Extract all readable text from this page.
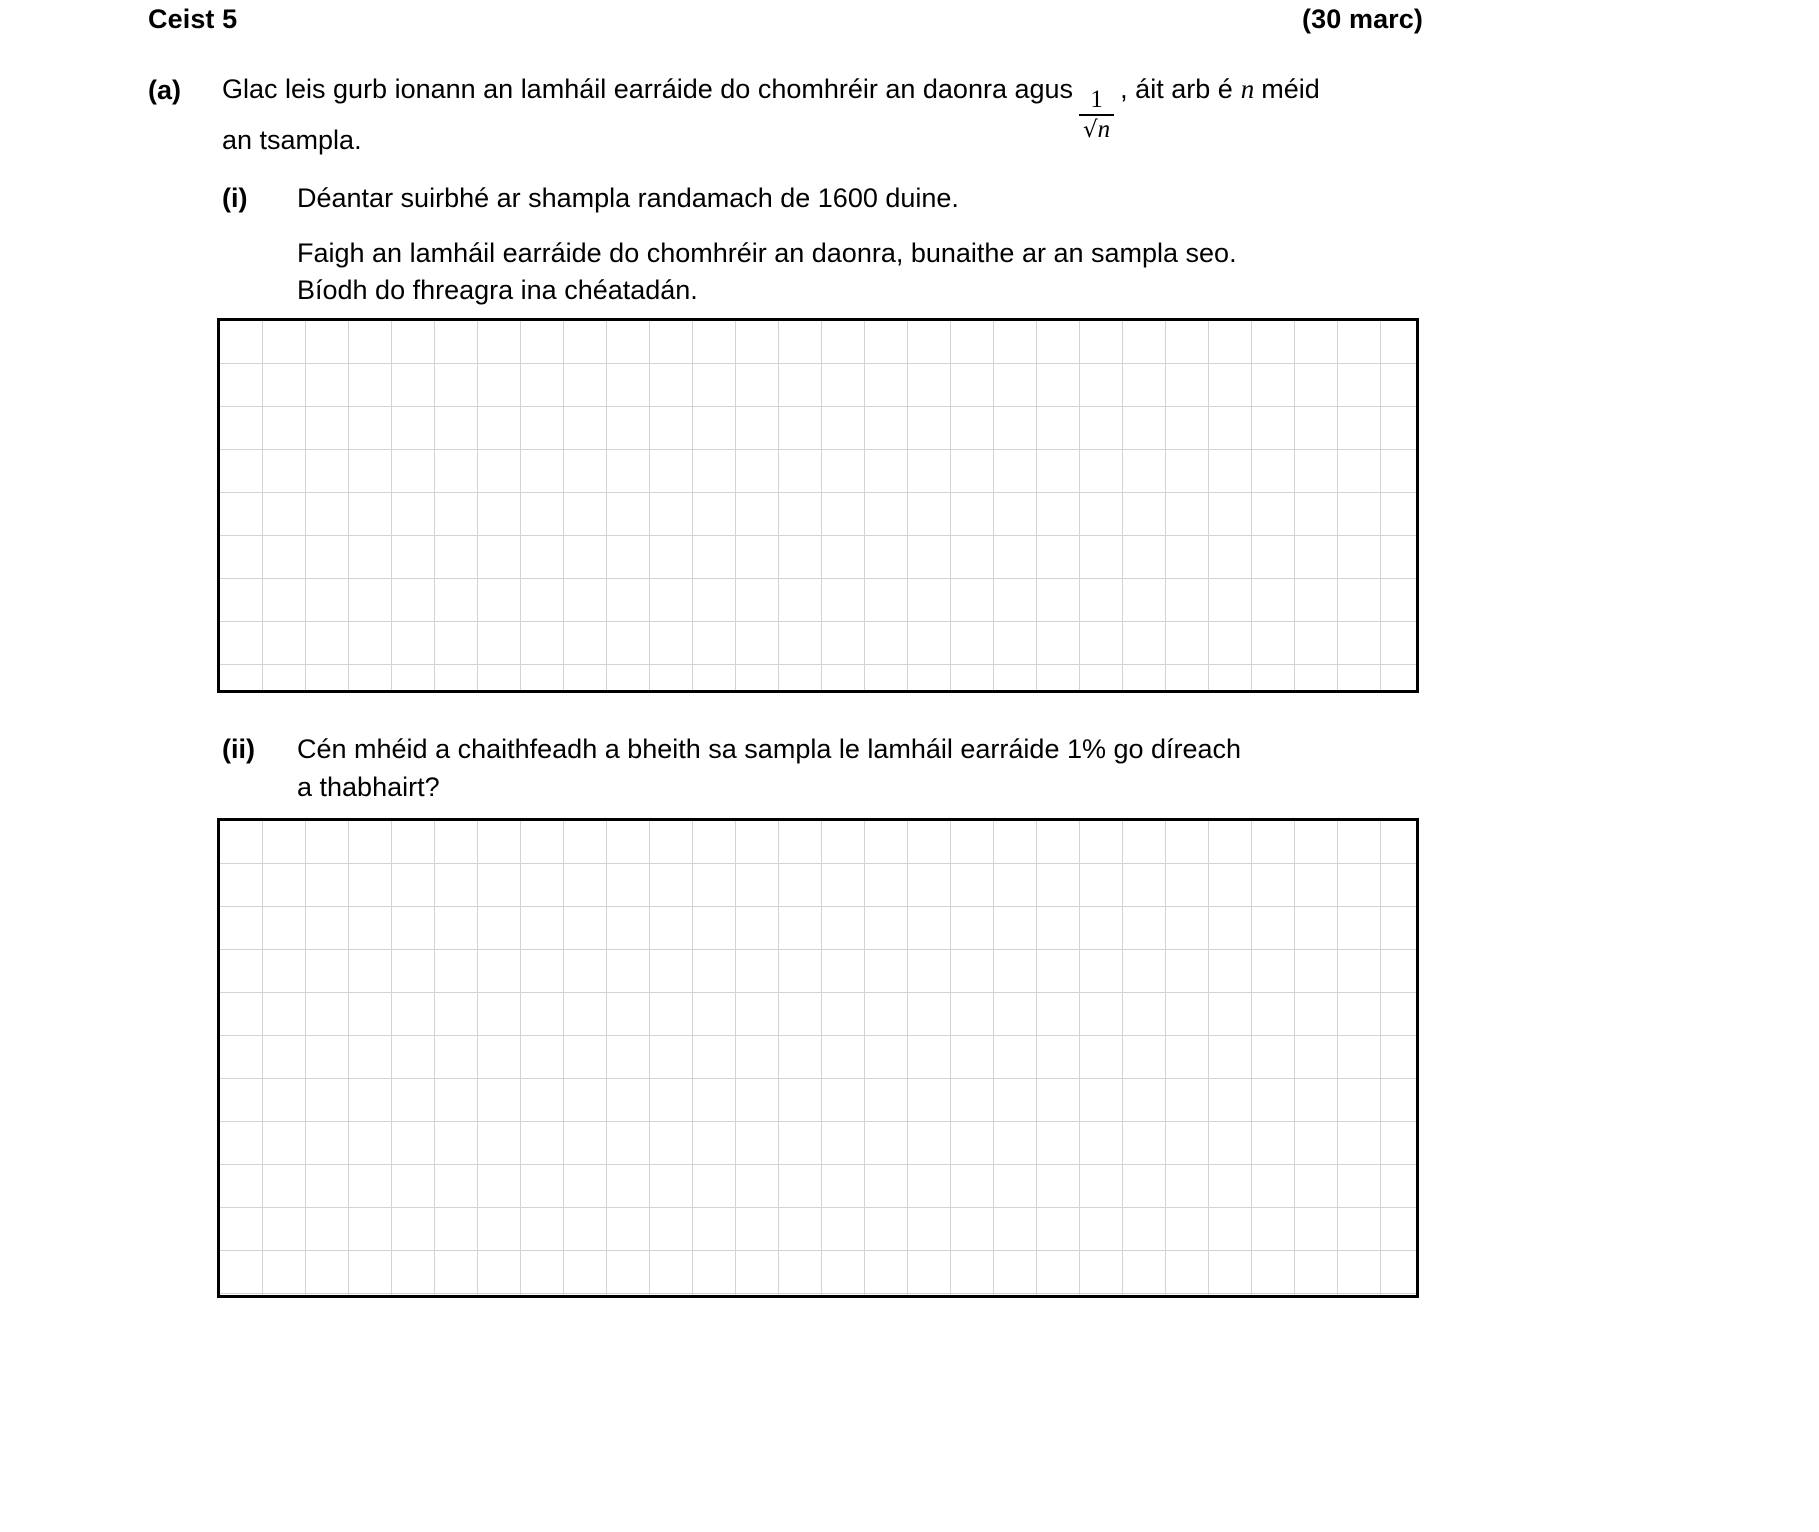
Ceist 5	(30 marc)
(a) Glac leis gurb ionann an lamháil earráide do chomhréir an daonra agus $\frac{1}{√n}$ , áit arb é n méid
an tsampla.
(i) Déantar suirbhé ar shampla randamach de 1600 duine.
Faigh an lamháil earráide do chomhréir an daonra, bunaithe ar an sampla seo.
Bíodh do fhreagra ina chéatadán.
(ii) Cén mhéid a chaithfeadh a bheith sa sampla le lamháil earráide 1% go díreach
a thabhairt?
